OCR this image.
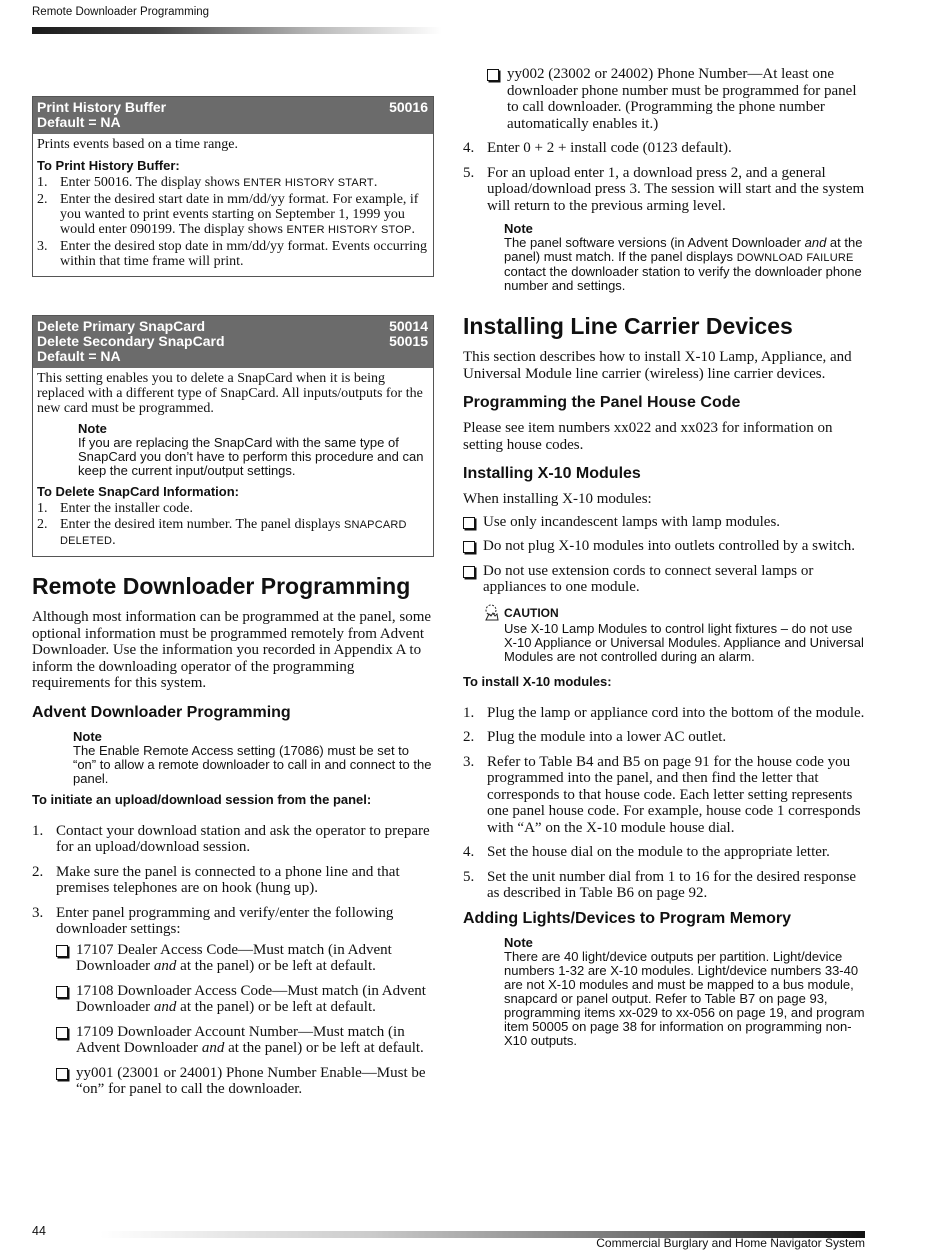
Remote Downloader Programming
44
Commercial Burglary and Home Navigator System
Print History Buffer	50016
Default = NA

Prints events based on a time range.

To Print History Buffer:
1. Enter 50016. The display shows ENTER HISTORY START.
2. Enter the desired start date in mm/dd/yy format. For example, if you wanted to print events starting on September 1, 1999 you would enter 090199. The display shows ENTER HISTORY STOP.
3. Enter the desired stop date in mm/dd/yy format. Events occurring within that time frame will print.
Delete Primary SnapCard	50014
Delete Secondary SnapCard	50015
Default = NA

This setting enables you to delete a SnapCard when it is being replaced with a different type of SnapCard. All inputs/outputs for the new card must be programmed.

Note
If you are replacing the SnapCard with the same type of SnapCard you don’t have to perform this procedure and can keep the current input/output settings.
To Delete SnapCard Information:
1. Enter the installer code.
2. Enter the desired item number. The panel displays SNAPCARD DELETED.
Remote Downloader Programming

Although most information can be programmed at the panel, some optional information must be programmed remotely from Advent Downloader. Use the information you recorded in Appendix A to inform the downloading operator of the programming requirements for this system.

Advent Downloader Programming
Note
The Enable Remote Access setting (17086) must be set to “on” to allow a remote downloader to call in and connect to the panel.
To initiate an upload/download session from the panel:
1. Contact your download station and ask the operator to prepare for an upload/download session.
2. Make sure the panel is connected to a phone line and that premises telephones are on hook (hung up).
3. Enter panel programming and verify/enter the following downloader settings:
17107 Dealer Access Code—Must match (in Advent Downloader and at the panel) or be left at default.
17108 Downloader Access Code—Must match (in Advent Downloader and at the panel) or be left at default.
17109 Downloader Account Number—Must match (in Advent Downloader and at the panel) or be left at default.
yy001 (23001 or 24001) Phone Number Enable—Must be “on” for panel to call the downloader.
yy002 (23002 or 24002) Phone Number—At least one downloader phone number must be programmed for panel to call downloader. (Programming the phone number automatically enables it.)
4. Enter 0 + 2 + install code (0123 default).
5. For an upload enter 1, a download press 2, and a general upload/download press 3. The session will start and the system will return to the previous arming level.
Note
The panel software versions (in Advent Downloader and at the panel) must match. If the panel displays DOWNLOAD FAILURE contact the downloader station to verify the downloader phone number and settings.
Installing Line Carrier Devices

This section describes how to install X-10 Lamp, Appliance, and Universal Module line carrier (wireless) line carrier devices.

Programming the Panel House Code

Please see item numbers xx022 and xx023 for information on setting house codes.

Installing X-10 Modules

When installing X-10 modules:

Use only incandescent lamps with lamp modules.
Do not plug X-10 modules into outlets controlled by a switch.
Do not use extension cords to connect several lamps or appliances to one module.
CAUTION
Use X-10 Lamp Modules to control light fixtures – do not use X-10 Appliance or Universal Modules. Appliance and Universal Modules are not controlled during an alarm.
To install X-10 modules:
1. Plug the lamp or appliance cord into the bottom of the module.
2. Plug the module into a lower AC outlet.
3. Refer to Table B4 and B5 on page 91 for the house code you programmed into the panel, and then find the letter that corresponds to that house code. Each letter setting represents one panel house code. For example, house code 1 corresponds with “A” on the X-10 module house dial.
4. Set the house dial on the module to the appropriate letter.
5. Set the unit number dial from 1 to 16 for the desired response as described in Table B6 on page 92.
Adding Lights/Devices to Program Memory
Note
There are 40 light/device outputs per partition. Light/device numbers 1-32 are X-10 modules. Light/device numbers 33-40 are not X-10 modules and must be mapped to a bus module, snapcard or panel output. Refer to Table B7 on page 93, programming items xx-029 to xx-056 on page 19, and program item 50005 on page 38 for information on programming non-X10 outputs.
